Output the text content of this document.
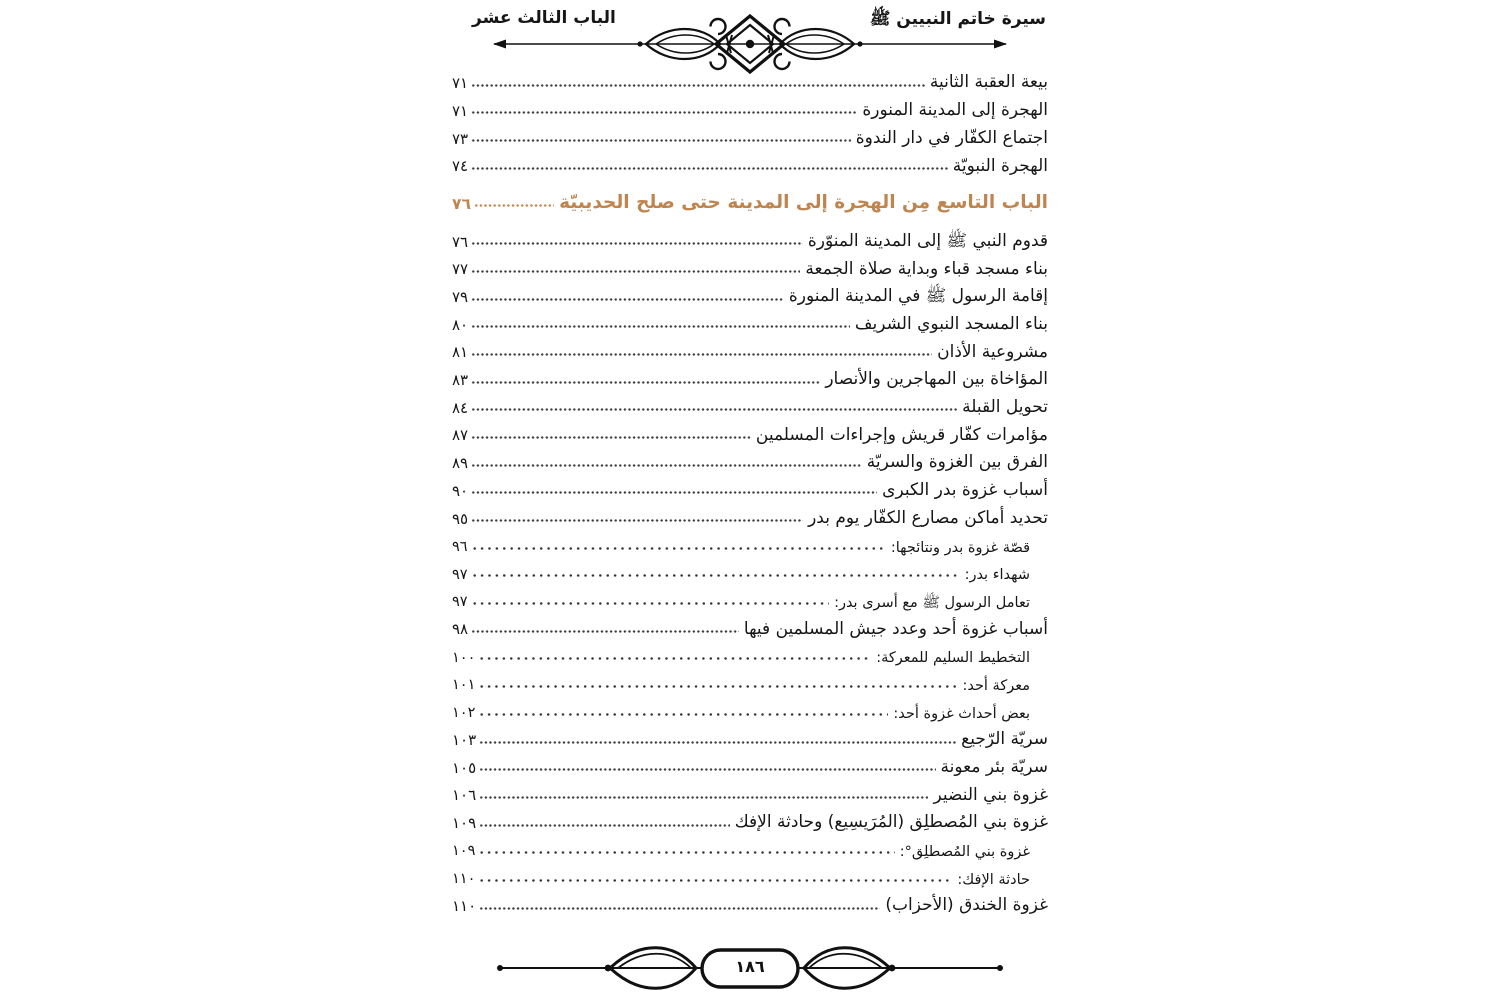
سيرة خاتم النبيين ﷺ
الباب الثالث عشر
بيعة العقبة الثانية
٧١
الهجرة إلى المدينة المنورة
٧١
اجتماع الكفّار في دار الندوة
٧٣
الهجرة النبويّة
٧٤
الباب التاسع مِن الهجرة إلى المدينة حتى صلح الحديبيّة
٧٦
قدوم النبي ﷺ إلى المدينة المنوّرة
٧٦
بناء مسجد قباء وبداية صلاة الجمعة
٧٧
إقامة الرسول ﷺ في المدينة المنورة
٧٩
بناء المسجد النبوي الشريف
٨٠
مشروعية الأذان
٨١
المؤاخاة بين المهاجرين والأنصار
٨٣
تحويل القبلة
٨٤
مؤامرات كفّار قريش وإجراءات المسلمين
٨٧
الفرق بين الغزوة والسريّة
٨٩
أسباب غزوة بدر الكبرى
٩٠
تحديد أماكن مصارع الكفّار يوم بدر
٩٥
قصّة غزوة بدر ونتائجها:
٩٦
شهداء بدر:
٩٧
تعامل الرسول ﷺ مع أسرى بدر:
٩٧
أسباب غزوة أحد وعدد جيش المسلمين فيها
٩٨
التخطيط السليم للمعركة:
١٠٠
معركة أحد:
١٠١
بعض أحداث غزوة أحد:
١٠٢
سريّة الرّجيع
١٠٣
سريّة بئر معونة
١٠٥
غزوة بني النضير
١٠٦
غزوة بني المُصطلِق (المُرَيسِيع) وحادثة الإفك
١٠٩
غزوة بني المُصطلِق°:
١٠٩
حادثة الإفك:
١١٠
غزوة الخندق (الأحزاب)
١١٠
١٨٦
